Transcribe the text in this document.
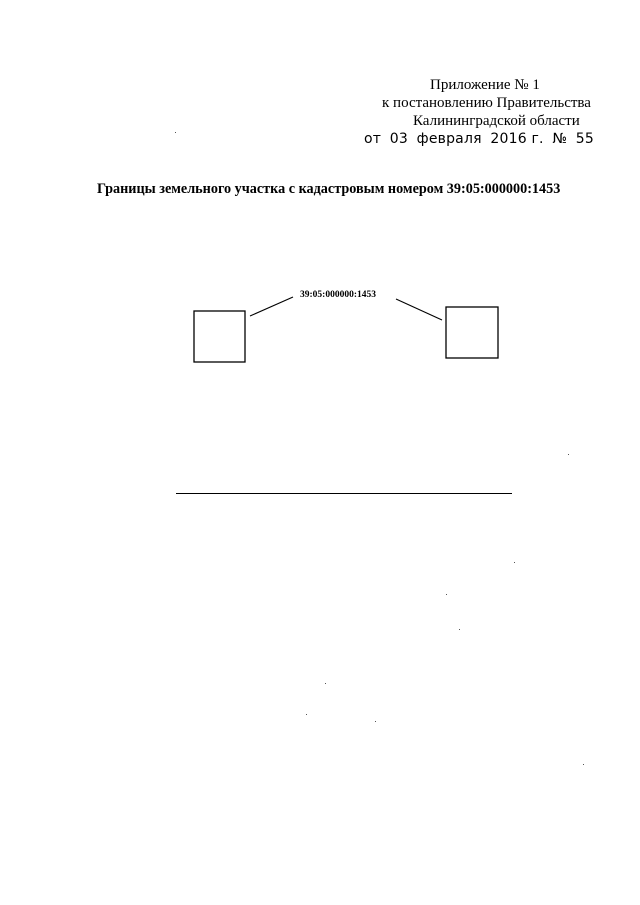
Приложение № 1
к постановлению Правительства
Калининградской области
от 03 февраля 2016 г. № 55
Границы земельного участка с кадастровым номером 39:05:000000:1453
39:05:000000:1453
